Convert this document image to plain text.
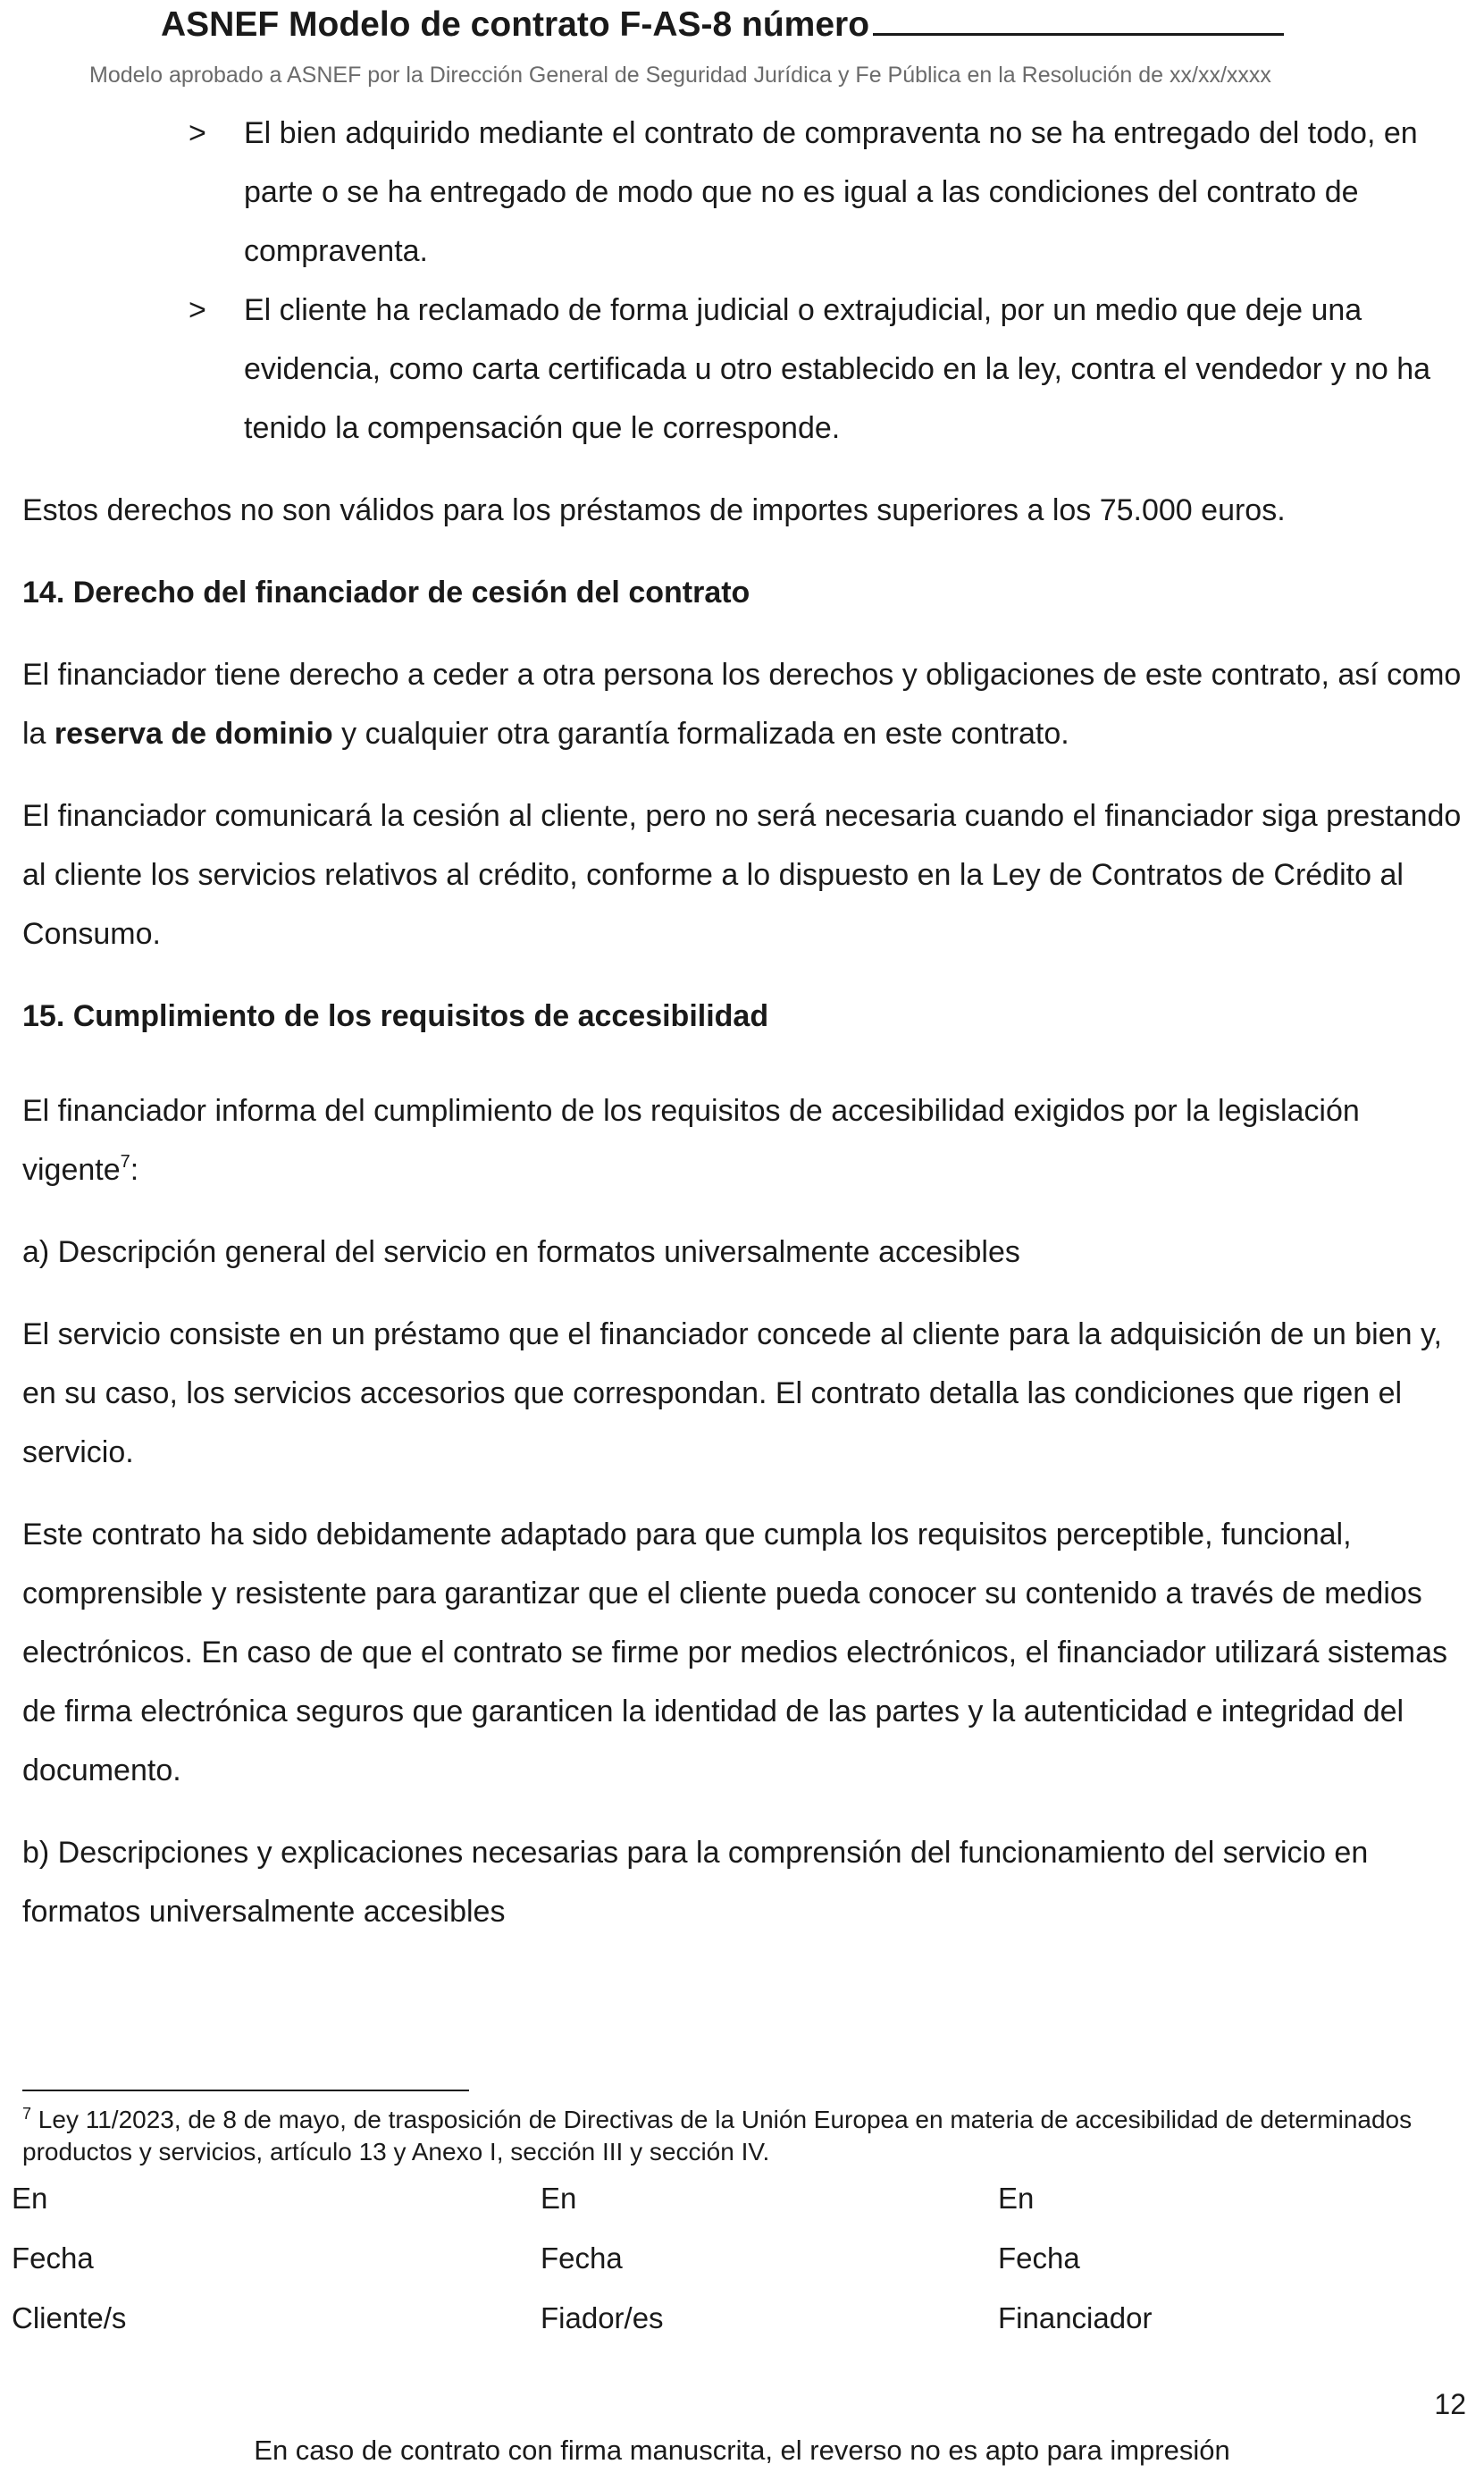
ASNEF Modelo de contrato F-AS-8 número
Modelo aprobado a ASNEF por la Dirección General de Seguridad Jurídica y Fe Pública en la Resolución de xx/xx/xxxx
> El bien adquirido mediante el contrato de compraventa no se ha entregado del todo, en parte o se ha entregado de modo que no es igual a las condiciones del contrato de compraventa.
> El cliente ha reclamado de forma judicial o extrajudicial, por un medio que deje una evidencia, como carta certificada u otro establecido en la ley, contra el vendedor y no ha tenido la compensación que le corresponde.

Estos derechos no son válidos para los préstamos de importes superiores a los 75.000 euros.

14. Derecho del financiador de cesión del contrato

El financiador tiene derecho a ceder a otra persona los derechos y obligaciones de este contrato, así como la reserva de dominio y cualquier otra garantía formalizada en este contrato.

El financiador comunicará la cesión al cliente, pero no será necesaria cuando el financiador siga prestando al cliente los servicios relativos al crédito, conforme a lo dispuesto en la Ley de Contratos de Crédito al Consumo.

15. Cumplimiento de los requisitos de accesibilidad

El financiador informa del cumplimiento de los requisitos de accesibilidad exigidos por la legislación vigente$^7$:

a) Descripción general del servicio en formatos universalmente accesibles

El servicio consiste en un préstamo que el financiador concede al cliente para la adquisición de un bien y, en su caso, los servicios accesorios que correspondan. El contrato detalla las condiciones que rigen el servicio.

Este contrato ha sido debidamente adaptado para que cumpla los requisitos perceptible, funcional, comprensible y resistente para garantizar que el cliente pueda conocer su contenido a través de medios electrónicos. En caso de que el contrato se firme por medios electrónicos, el financiador utilizará sistemas de firma electrónica seguros que garanticen la identidad de las partes y la autenticidad e integridad del documento.

b) Descripciones y explicaciones necesarias para la comprensión del funcionamiento del servicio en formatos universalmente accesibles

$^7$ Ley 11/2023, de 8 de mayo, de trasposición de Directivas de la Unión Europea en materia de accesibilidad de determinados productos y servicios, artículo 13 y Anexo I, sección III y sección IV.
En
Fecha
Cliente/s
En
Fecha
Fiador/es
En
Fecha
Financiador
12
En caso de contrato con firma manuscrita, el reverso no es apto para impresión
